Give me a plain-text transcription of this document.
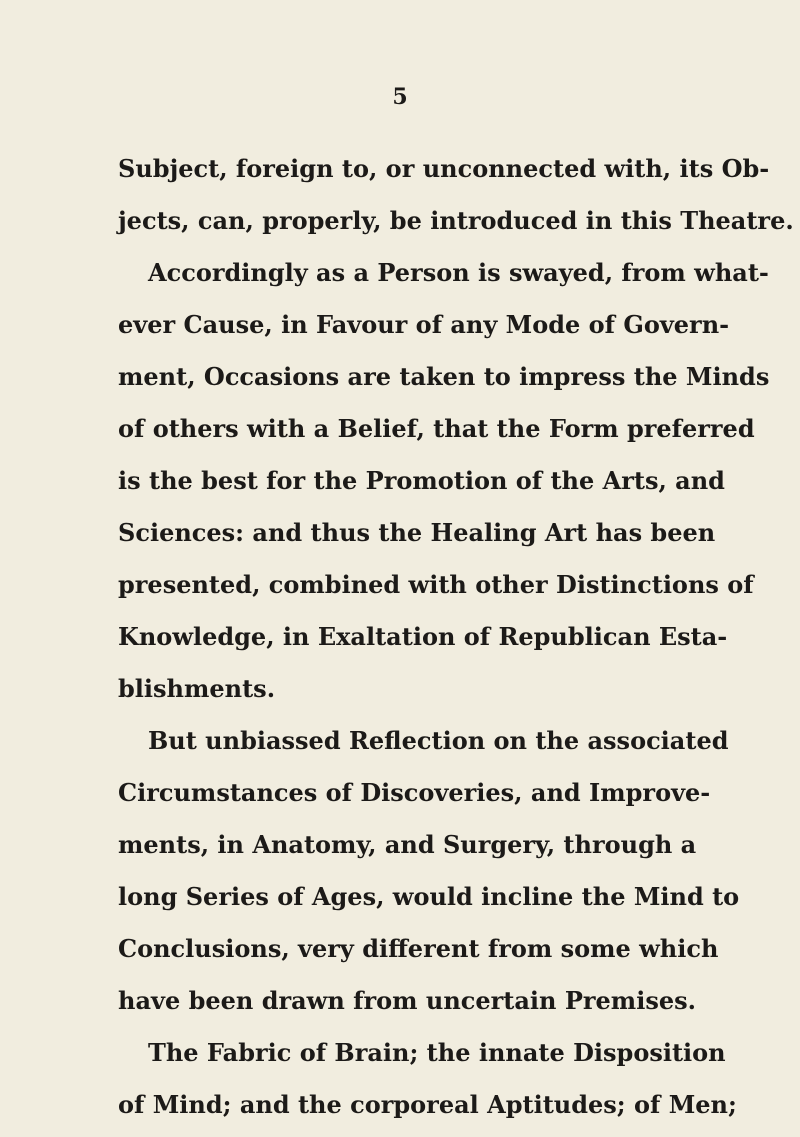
5
Subject, foreign to, or unconnected with, its Ob-
jects, can, properly, be introduced in this Theatre.
Accordingly as a Person is swayed, from what-
ever Cause, in Favour of any Mode of Govern-
ment, Occasions are taken to impress the Minds
of others with a Belief, that the Form preferred
is the best for the Promotion of the Arts, and
Sciences: and thus the Healing Art has been
presented, combined with other Distinctions of
Knowledge, in Exaltation of Republican Esta-
blishments.
But unbiassed Reflection on the associated
Circumstances of Discoveries, and Improve-
ments, in Anatomy, and Surgery, through a
long Series of Ages, would incline the Mind to
Conclusions, very different from some which
have been drawn from uncertain Premises.
The Fabric of Brain; the innate Disposition
of Mind; and the corporeal Aptitudes; of Men;
